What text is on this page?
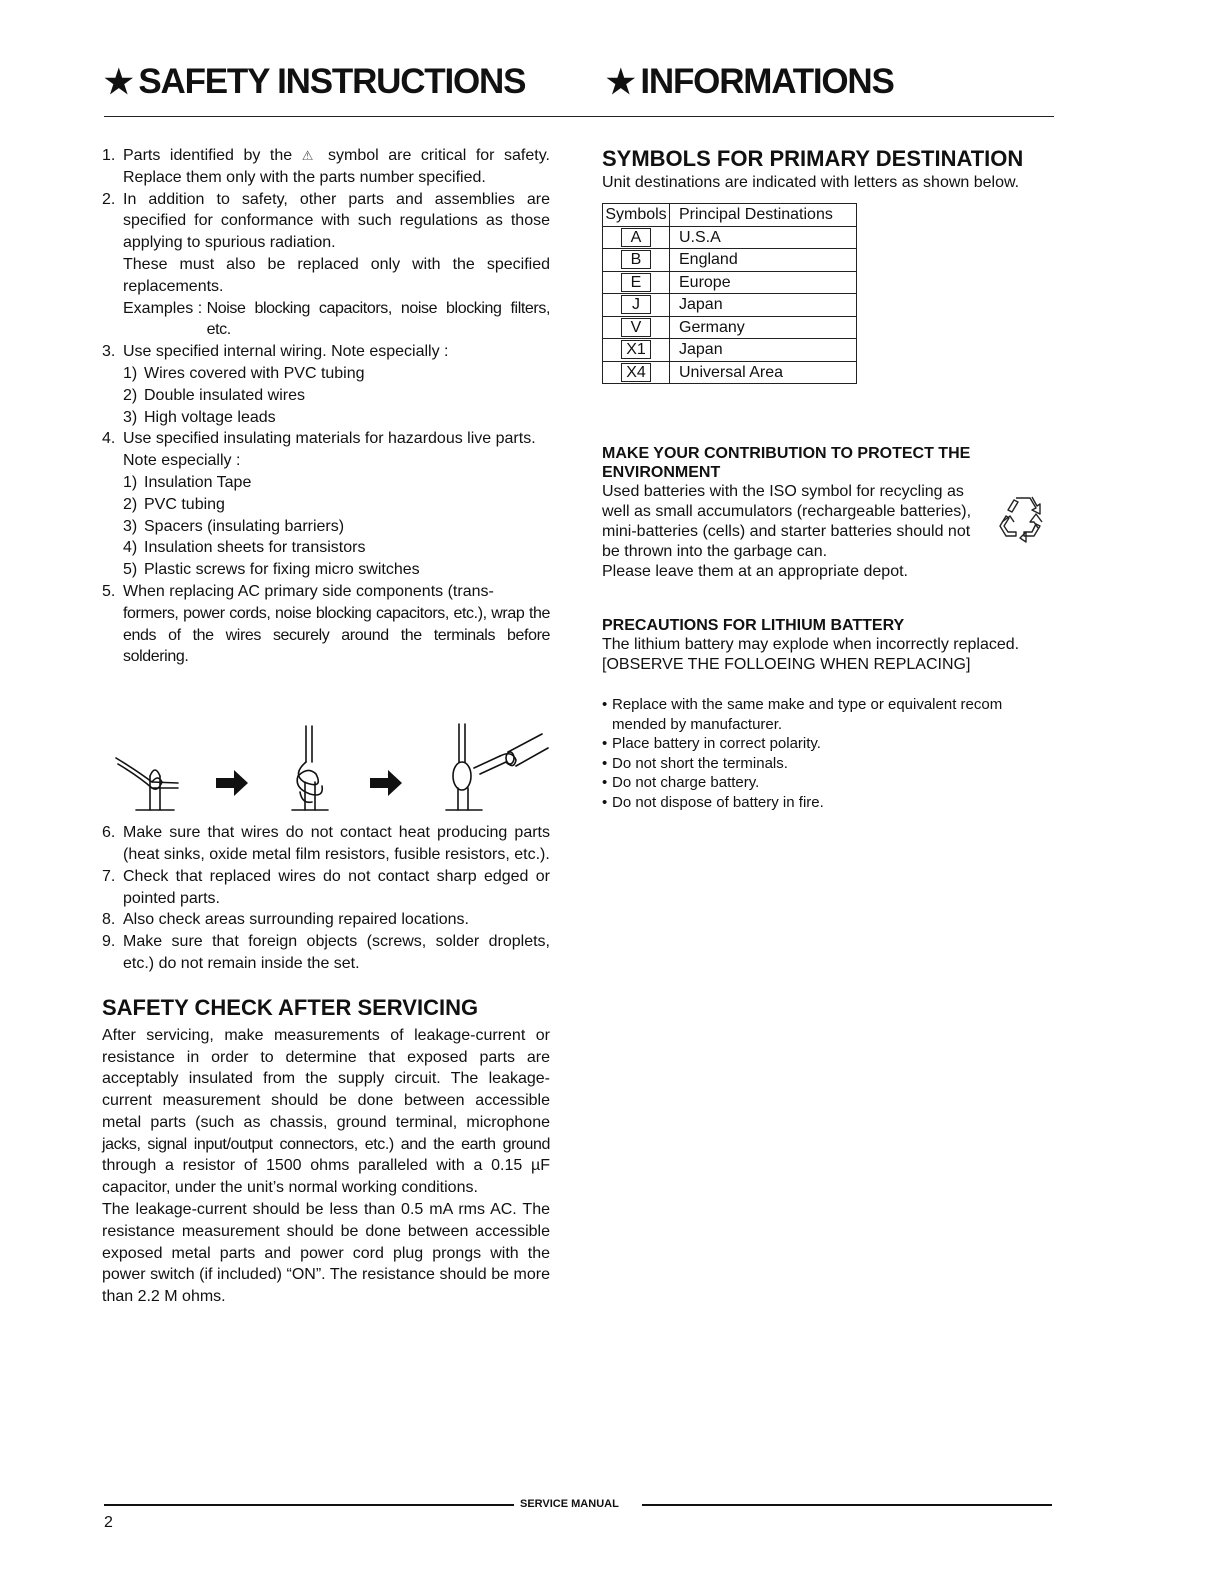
★ SAFETY INSTRUCTIONS ★ INFORMATIONS
1. Parts identified by the ⚠ symbol are critical for safety. Replace them only with the parts number specified.
2. In addition to safety, other parts and assemblies are specified for conformance with such regulations as those applying to spurious radiation.
These must also be replaced only with the specified replacements.
Examples :
Noise blocking capacitors, noise blocking filters, etc.
3. Use specified internal wiring. Note especially :
1) Wires covered with PVC tubing
2) Double insulated wires
3) High voltage leads
4. Use specified insulating materials for hazardous live parts.
Note especially :
1) Insulation Tape
2) PVC tubing
3) Spacers (insulating barriers)
4) Insulation sheets for transistors
5) Plastic screws for fixing micro switches
5. When replacing AC primary side components (trans-
formers, power cords, noise blocking capacitors, etc.), wrap the ends of the wires securely around the terminals before soldering.
6. Make sure that wires do not contact heat producing parts (heat sinks, oxide metal film resistors, fusible resistors, etc.).
7. Check that replaced wires do not contact sharp edged or pointed parts.
8. Also check areas surrounding repaired locations.
9. Make sure that foreign objects (screws, solder droplets, etc.) do not remain inside the set.
SAFETY CHECK AFTER SERVICING
After servicing, make measurements of leakage-current or resistance in order to determine that exposed parts are acceptably insulated from the supply circuit. The leakage-current measurement should be done between accessible metal parts (such as chassis, ground terminal, microphone jacks, signal input/output connectors, etc.) and the earth ground through a resistor of 1500 ohms paralleled with a 0.15 µF capacitor, under the unit’s normal working conditions.
The leakage-current should be less than 0.5 mA rms AC. The resistance measurement should be done between accessible exposed metal parts and power cord plug prongs with the power switch (if included) “ON”. The resistance should be more than 2.2 M ohms.
SYMBOLS FOR PRIMARY DESTINATION
Unit destinations are indicated with letters as shown below.
Symbols	Principal Destinations
A	U.S.A
B	England
E	Europe
J	Japan
V	Germany
X1	Japan
X4	Universal Area
MAKE YOUR CONTRIBUTION TO PROTECT THE ENVIRONMENT
Used batteries with the ISO symbol for recycling as well as small accumulators (rechargeable batteries), mini-batteries (cells) and starter batteries should not be thrown into the garbage can.
Please leave them at an appropriate depot.
PRECAUTIONS FOR LITHIUM BATTERY
The lithium battery may explode when incorrectly replaced.
[OBSERVE THE FOLLOEING WHEN REPLACING]
• Replace with the same make and type or equivalent recom mended by manufacturer.
• Place battery in correct polarity.
• Do not short the terminals.
• Do not charge battery.
• Do not dispose of battery in fire.
SERVICE MANUAL
2
